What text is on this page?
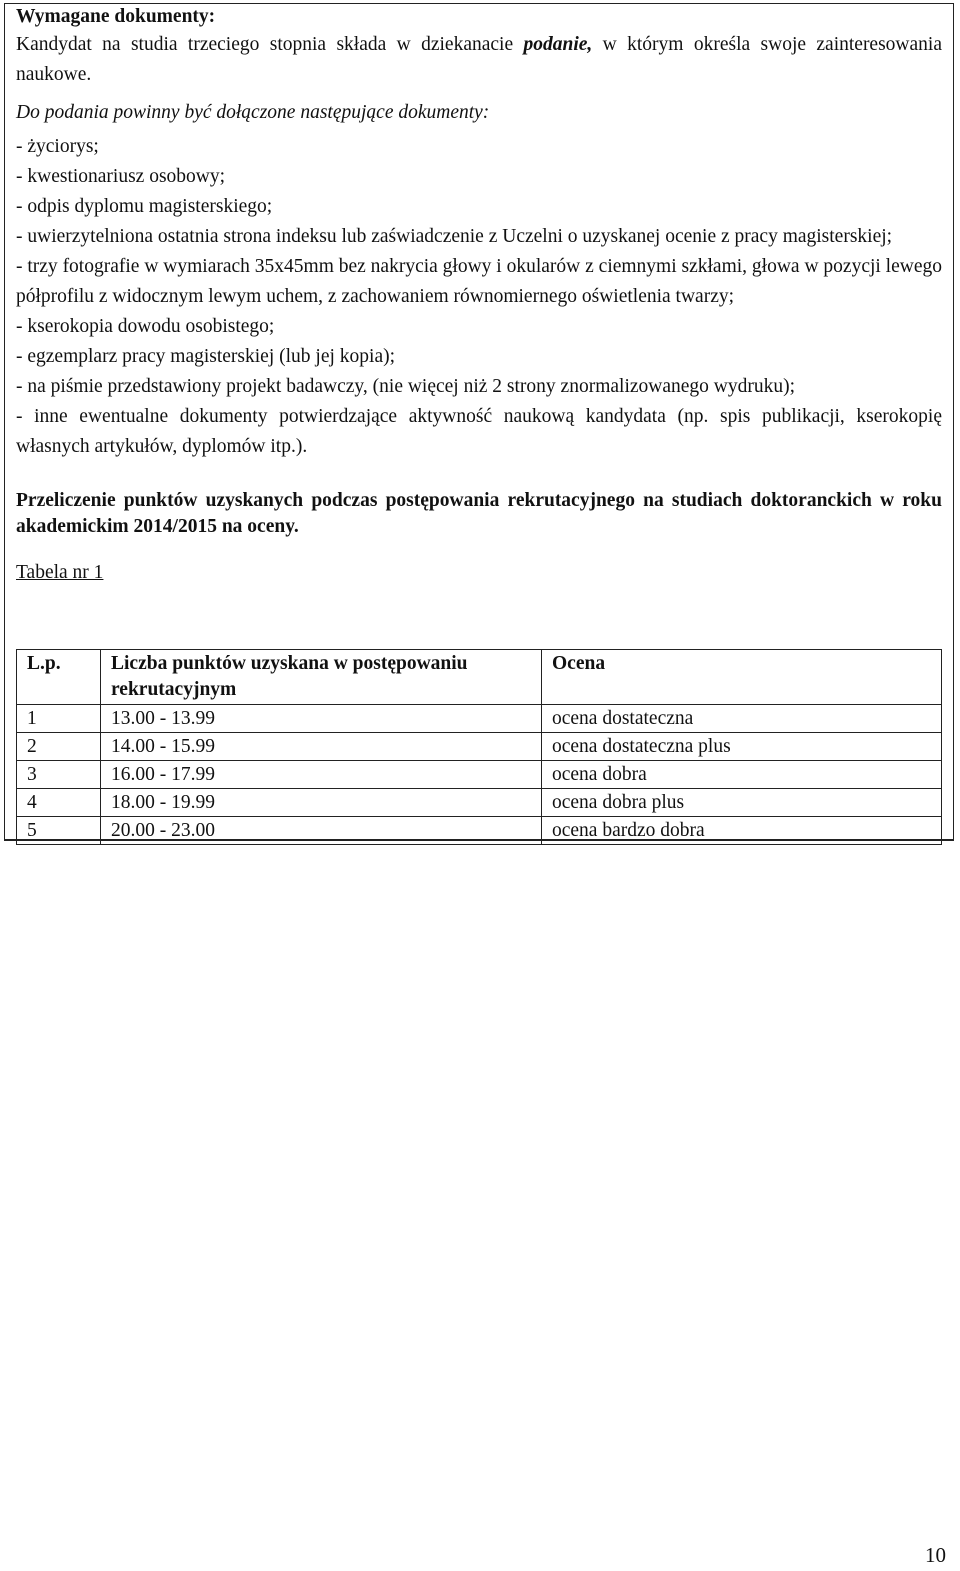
Wymagane dokumenty:

Kandydat na studia trzeciego stopnia składa w dziekanacie podanie, w którym określa swoje zainteresowania naukowe.

Do podania powinny być dołączone następujące dokumenty:

- życiorys;
- kwestionariusz osobowy;
- odpis dyplomu magisterskiego;
- uwierzytelniona ostatnia strona indeksu lub zaświadczenie z Uczelni o uzyskanej ocenie z pracy magisterskiej;
- trzy fotografie w wymiarach 35x45mm bez nakrycia głowy i okularów z ciemnymi szkłami, głowa w pozycji lewego półprofilu z widocznym lewym uchem, z zachowaniem równomiernego oświetlenia twarzy;
- kserokopia dowodu osobistego;
- egzemplarz pracy magisterskiej (lub jej kopia);
- na piśmie przedstawiony projekt badawczy, (nie więcej niż 2 strony znormalizowanego wydruku);
- inne ewentualne dokumenty potwierdzające aktywność naukową kandydata (np. spis publikacji, kserokopię własnych artykułów, dyplomów itp.).

Przeliczenie punktów uzyskanych podczas postępowania rekrutacyjnego na studiach doktoranckich w roku akademickim 2014/2015 na oceny.

Tabela nr 1

L.p.	Liczba punktów uzyskana w postępowaniu rekrutacyjnym	Ocena
1	13.00 - 13.99	ocena dostateczna
2	14.00 - 15.99	ocena dostateczna plus
3	16.00 - 17.99	ocena dobra
4	18.00 - 19.99	ocena dobra plus
5	20.00 - 23.00	ocena bardzo dobra
10
